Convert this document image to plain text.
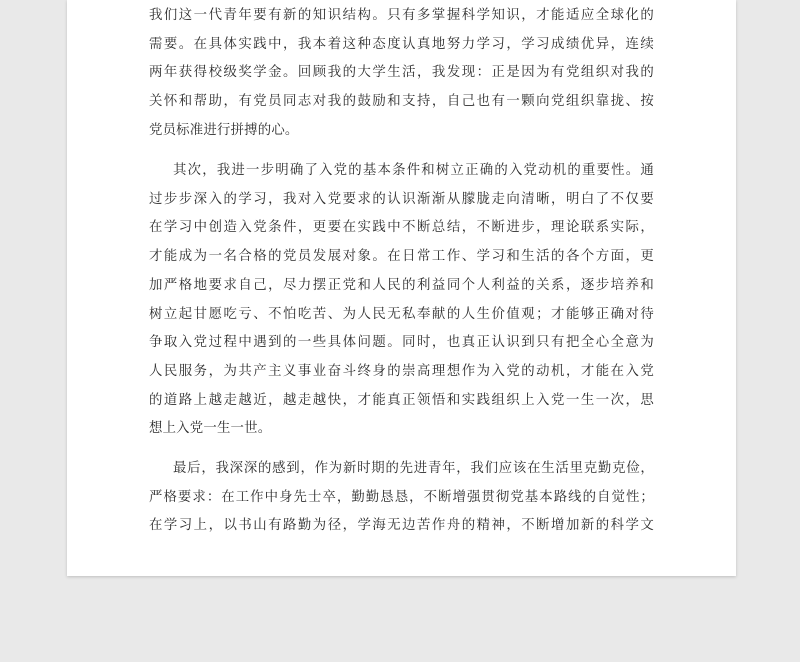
我们这一代青年要有新的知识结构。只有多掌握科学知识，才能适应全球化的
需要。在具体实践中，我本着这种态度认真地努力学习，学习成绩优异，连续
两年获得校级奖学金。回顾我的大学生活，我发现：正是因为有党组织对我的
关怀和帮助，有党员同志对我的鼓励和支持，自己也有一颗向党组织靠拢、按
党员标准进行拼搏的心。
其次，我进一步明确了入党的基本条件和树立正确的入党动机的重要性。通
过步步深入的学习，我对入党要求的认识渐渐从朦胧走向清晰，明白了不仅要
在学习中创造入党条件，更要在实践中不断总结，不断进步，理论联系实际，
才能成为一名合格的党员发展对象。在日常工作、学习和生活的各个方面，更
加严格地要求自己，尽力摆正党和人民的利益同个人利益的关系，逐步培养和
树立起甘愿吃亏、不怕吃苦、为人民无私奉献的人生价值观；才能够正确对待
争取入党过程中遇到的一些具体问题。同时，也真正认识到只有把全心全意为
人民服务，为共产主义事业奋斗终身的崇高理想作为入党的动机，才能在入党
的道路上越走越近，越走越快，才能真正领悟和实践组织上入党一生一次，思
想上入党一生一世。
最后，我深深的感到，作为新时期的先进青年，我们应该在生活里克勤克俭，
严格要求：在工作中身先士卒，勤勤恳恳，不断增强贯彻党基本路线的自觉性；
在学习上，以书山有路勤为径，学海无边苦作舟的精神，不断增加新的科学文
